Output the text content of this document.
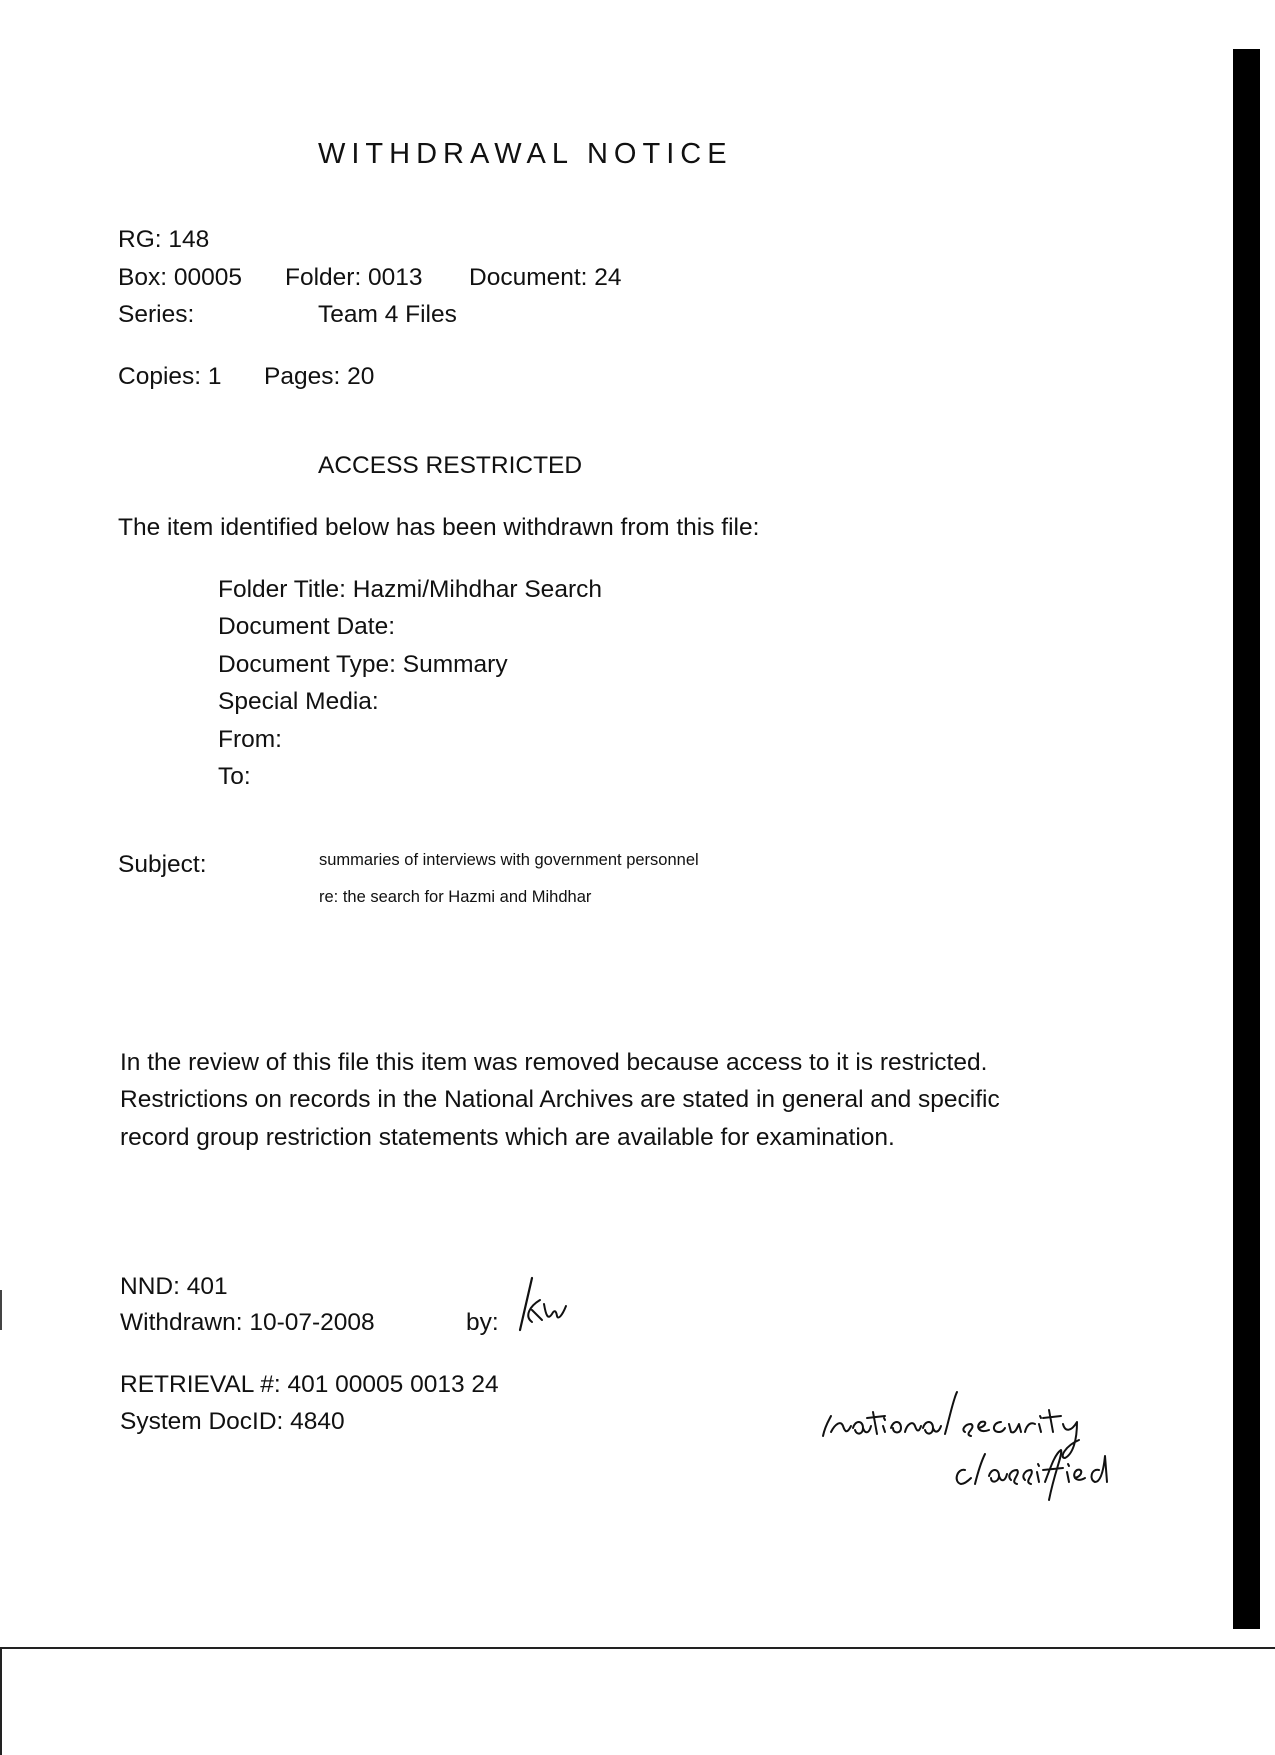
WITHDRAWAL NOTICE
RG: 148
Box: 00005 Folder: 0013 Document: 24
Series:	Team 4 Files
Copies: 1 Pages: 20
ACCESS RESTRICTED
The item identified below has been withdrawn from this file:
Folder Title: Hazmi/Mihdhar Search
Document Date:
Document Type: Summary
Special Media:
From:
To:
Subject:	summaries of interviews with government personnel
re: the search for Hazmi and Mihdhar
In the review of this file this item was removed because access to it is restricted. Restrictions on records in the National Archives are stated in general and specific record group restriction statements which are available for examination.
NND: 401
Withdrawn: 10-07-2008	by:
RETRIEVAL #: 401 00005 0013 24
System DocID: 4840
